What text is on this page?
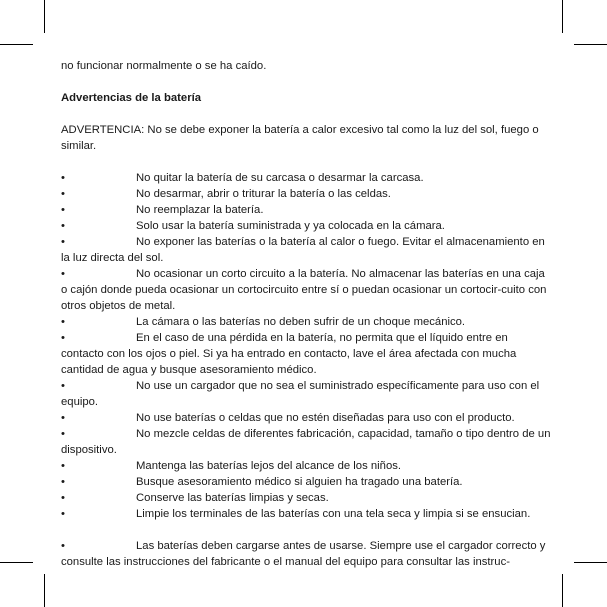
no funcionar normalmente o se ha caído.

Advertencias de la batería

ADVERTENCIA: No se debe exponer la batería a calor excesivo tal como la luz del sol, fuego o similar.

•	No quitar la batería de su carcasa o desarmar la carcasa.
•	No desarmar, abrir o triturar la batería o las celdas.
•	No reemplazar la batería.
•	Solo usar la batería suministrada y ya colocada en la cámara.
•	No exponer las baterías o la batería al calor o fuego. Evitar el almacenamiento en la luz directa del sol.
•	No ocasionar un corto circuito a la batería. No almacenar las baterías en una caja o cajón donde pueda ocasionar un cortocircuito entre sí o puedan ocasionar un cortocir-cuito con otros objetos de metal.
•	La cámara o las baterías no deben sufrir de un choque mecánico.
•	En el caso de una pérdida en la batería, no permita que el líquido entre en contacto con los ojos o piel. Si ya ha entrado en contacto, lave el área afectada con mucha cantidad de agua y busque asesoramiento médico.
•	No use un cargador que no sea el suministrado específicamente para uso con el equipo.
•	No use baterías o celdas que no estén diseñadas para uso con el producto.
•	No mezcle celdas de diferentes fabricación, capacidad, tamaño o tipo dentro de un dispositivo.
•	Mantenga las baterías lejos del alcance de los niños.
•	Busque asesoramiento médico si alguien ha tragado una batería.
•	Conserve las baterías limpias y secas.
•	Limpie los terminales de las baterías con una tela seca y limpia si se ensucian.
•	Las baterías deben cargarse antes de usarse. Siempre use el cargador correcto y consulte las instrucciones del fabricante o el manual del equipo para consultar las instruc-
